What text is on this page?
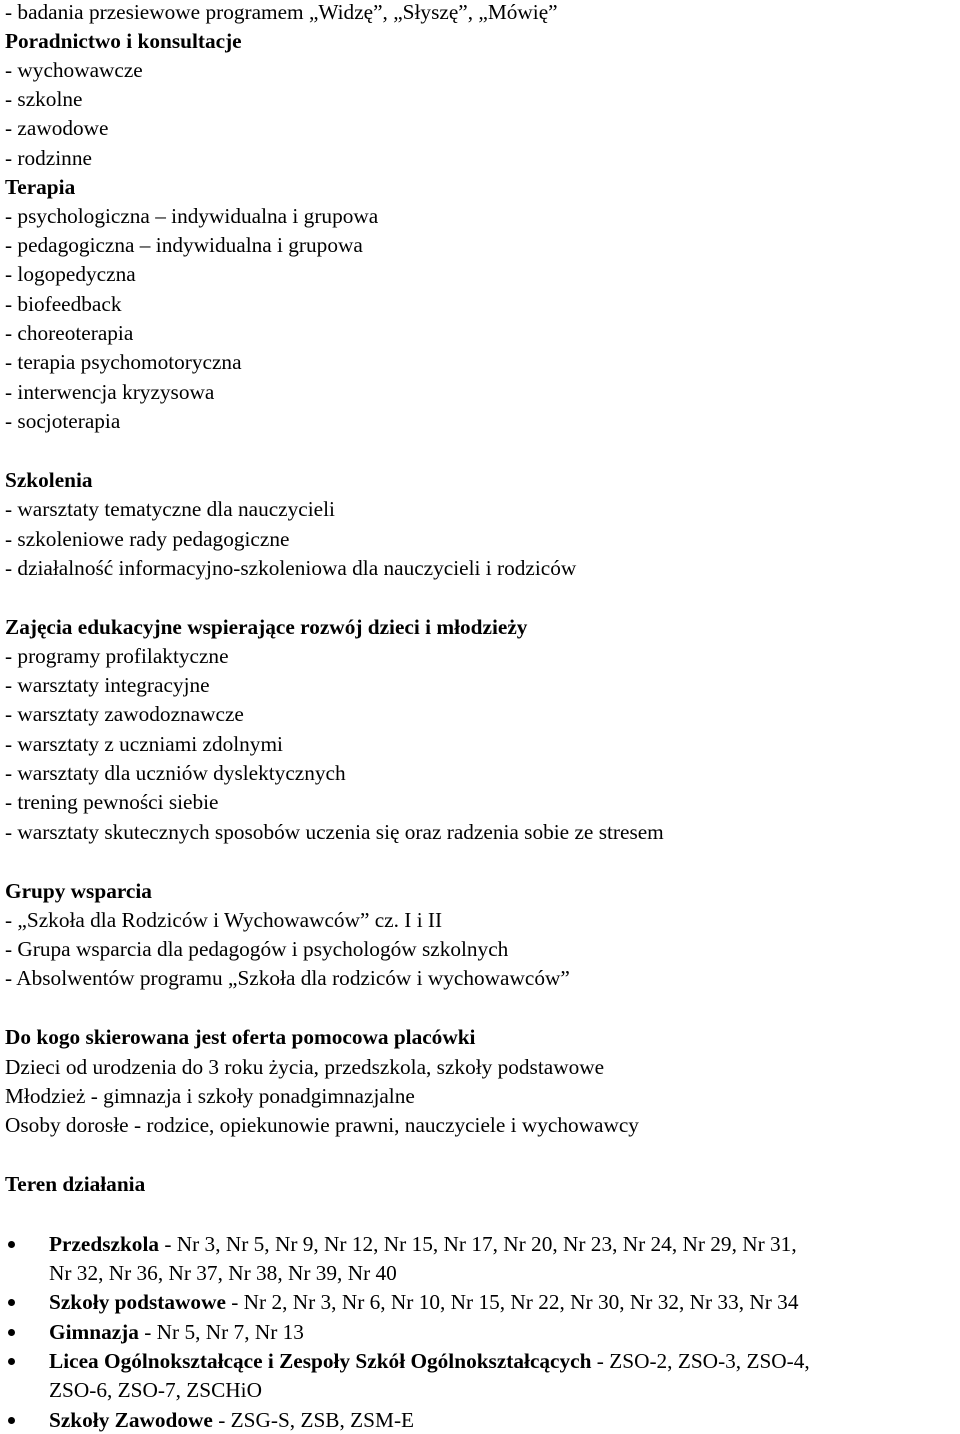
- badania przesiewowe programem „Widzę”, „Słyszę”, „Mówię”
Poradnictwo i konsultacje
- wychowawcze
- szkolne
- zawodowe
- rodzinne
Terapia
- psychologiczna – indywidualna i grupowa
- pedagogiczna – indywidualna i grupowa
- logopedyczna
- biofeedback
- choreoterapia
- terapia psychomotoryczna
- interwencja kryzysowa
- socjoterapia
Szkolenia
- warsztaty tematyczne dla nauczycieli
- szkoleniowe rady pedagogiczne
- działalność informacyjno-szkoleniowa dla nauczycieli i rodziców
Zajęcia edukacyjne wspierające rozwój dzieci i młodzieży
- programy profilaktyczne
- warsztaty integracyjne
- warsztaty zawodoznawcze
- warsztaty z uczniami zdolnymi
- warsztaty dla uczniów dyslektycznych
- trening pewności siebie
- warsztaty skutecznych sposobów uczenia się oraz radzenia sobie ze stresem
Grupy wsparcia
- „Szkoła dla Rodziców i Wychowawców” cz. I i II
- Grupa wsparcia dla pedagogów i psychologów szkolnych
- Absolwentów programu „Szkoła dla rodziców i wychowawców”
Do kogo skierowana jest oferta pomocowa placówki
Dzieci od urodzenia do 3 roku życia, przedszkola, szkoły podstawowe
Młodzież - gimnazja i szkoły ponadgimnazjalne
Osoby dorosłe - rodzice, opiekunowie prawni, nauczyciele i wychowawcy
Teren działania
Przedszkola - Nr 3, Nr 5, Nr 9, Nr 12, Nr 15, Nr 17, Nr 20, Nr 23, Nr 24, Nr 29, Nr 31,
Nr 32, Nr 36, Nr 37, Nr 38, Nr 39, Nr 40
Szkoły podstawowe - Nr 2, Nr 3, Nr 6, Nr 10, Nr 15, Nr 22, Nr 30, Nr 32, Nr 33, Nr 34
Gimnazja - Nr 5, Nr 7, Nr 13
Licea Ogólnokształcące i Zespoły Szkół Ogólnokształcących - ZSO-2, ZSO-3, ZSO-4,
ZSO-6, ZSO-7, ZSCHiO
Szkoły Zawodowe - ZSG-S, ZSB, ZSM-E
